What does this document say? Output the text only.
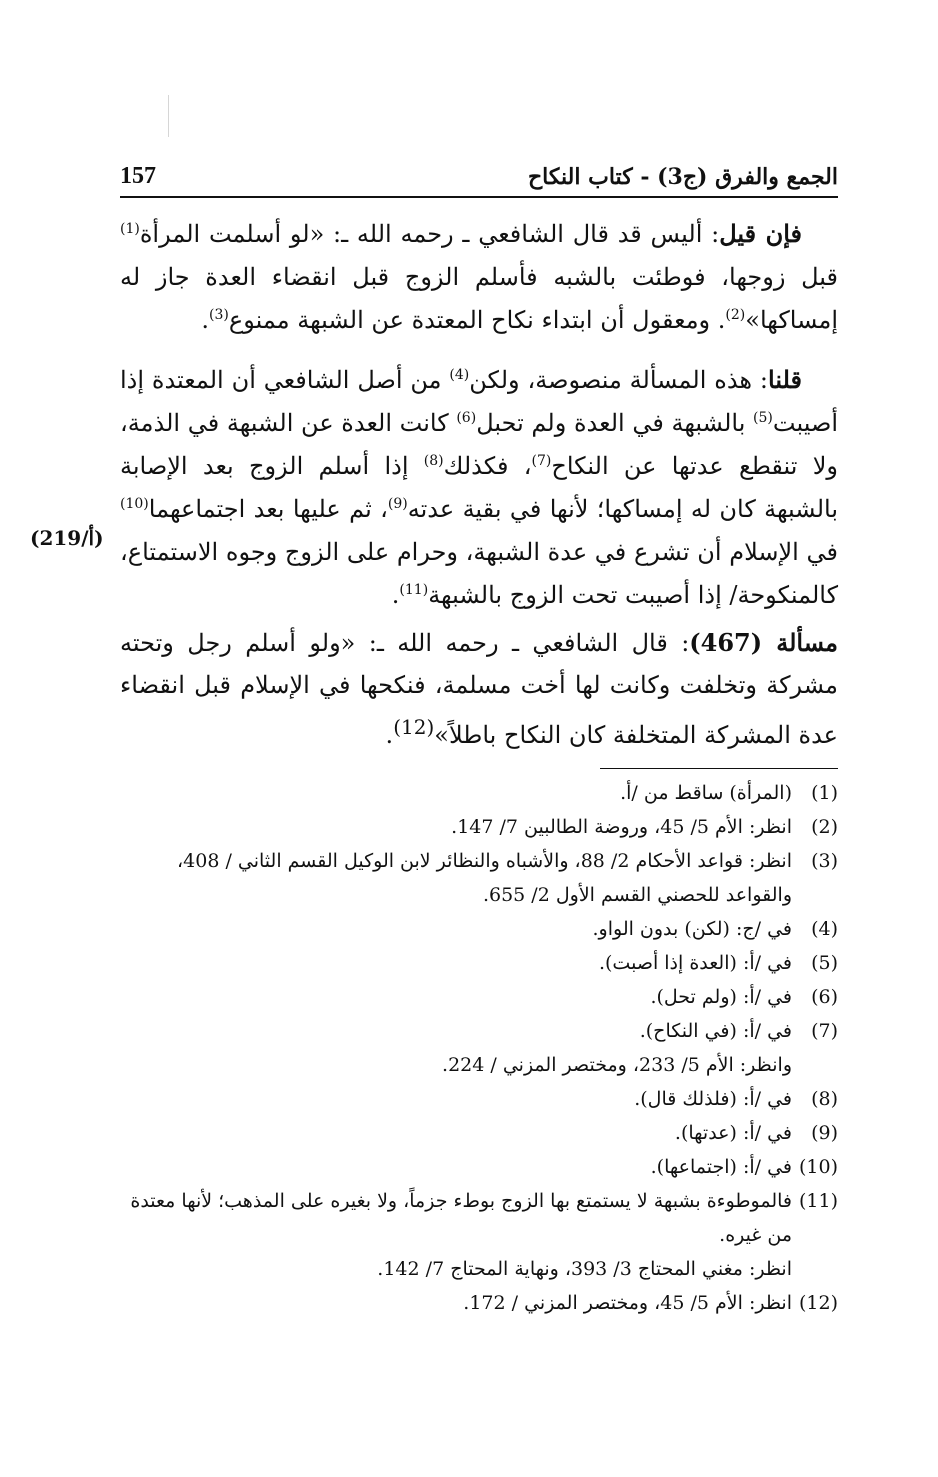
157	الجمع والفرق (ج3) - كتاب النكاح

فإن قيل: أليس قد قال الشافعي ـ رحمه الله ـ: «لو أسلمت المرأة$^{(1)}$ قبل زوجها، فوطئت بالشبه فأسلم الزوج قبل انقضاء العدة جاز له إمساكها»$^{(2)}$. ومعقول أن ابتداء نكاح المعتدة عن الشبهة ممنوع$^{(3)}$.

قلنا: هذه المسألة منصوصة، ولكن$^{(4)}$ من أصل الشافعي أن المعتدة إذا أصيبت$^{(5)}$ بالشبهة في العدة ولم تحبل$^{(6)}$ كانت العدة عن الشبهة في الذمة، ولا تنقطع عدتها عن النكاح$^{(7)}$، فكذلك$^{(8)}$ إذا أسلم الزوج بعد الإصابة بالشبهة كان له إمساكها؛ لأنها في بقية عدته$^{(9)}$، ثم عليها بعد اجتماعهما$^{(10)}$ في الإسلام أن تشرع في عدة الشبهة، وحرام على الزوج وجوه الاستمتاع، كالمنكوحة/ إذا أصيبت تحت الزوج بالشبهة$^{(11)}$.

(219/أ)
مسألة (467): قال الشافعي ـ رحمه الله ـ: «ولو أسلم رجل وتحته مشركة وتخلفت وكانت لها أخت مسلمة، فنكحها في الإسلام قبل انقضاء عدة المشركة المتخلفة كان النكاح باطلاً»$^{(12)}$.
(1)
(المرأة) ساقط من /أ.
(2)
انظر: الأم 5/ 45، وروضة الطالبين 7/ 147.
(3)
انظر: قواعد الأحكام 2/ 88، والأشباه والنظائر لابن الوكيل القسم الثاني / 408، والقواعد للحصني القسم الأول 2/ 655.
(4)
في /ج: (لكن) بدون الواو.
(5)
في /أ: (العدة إذا أصبت).
(6)
في /أ: (ولم تحل).
(7)
في /أ: (في النكاح).
وانظر: الأم 5/ 233، ومختصر المزني / 224.
(8)
في /أ: (فلذلك قال).
(9)
في /أ: (عدتها).
(10)
في /أ: (اجتماعها).
(11)
فالموطوءة بشبهة لا يستمتع بها الزوج بوطء جزماً، ولا بغيره على المذهب؛ لأنها معتدة من غيره.
انظر: مغني المحتاج 3/ 393، ونهاية المحتاج 7/ 142.
(12)
انظر: الأم 5/ 45، ومختصر المزني / 172.
